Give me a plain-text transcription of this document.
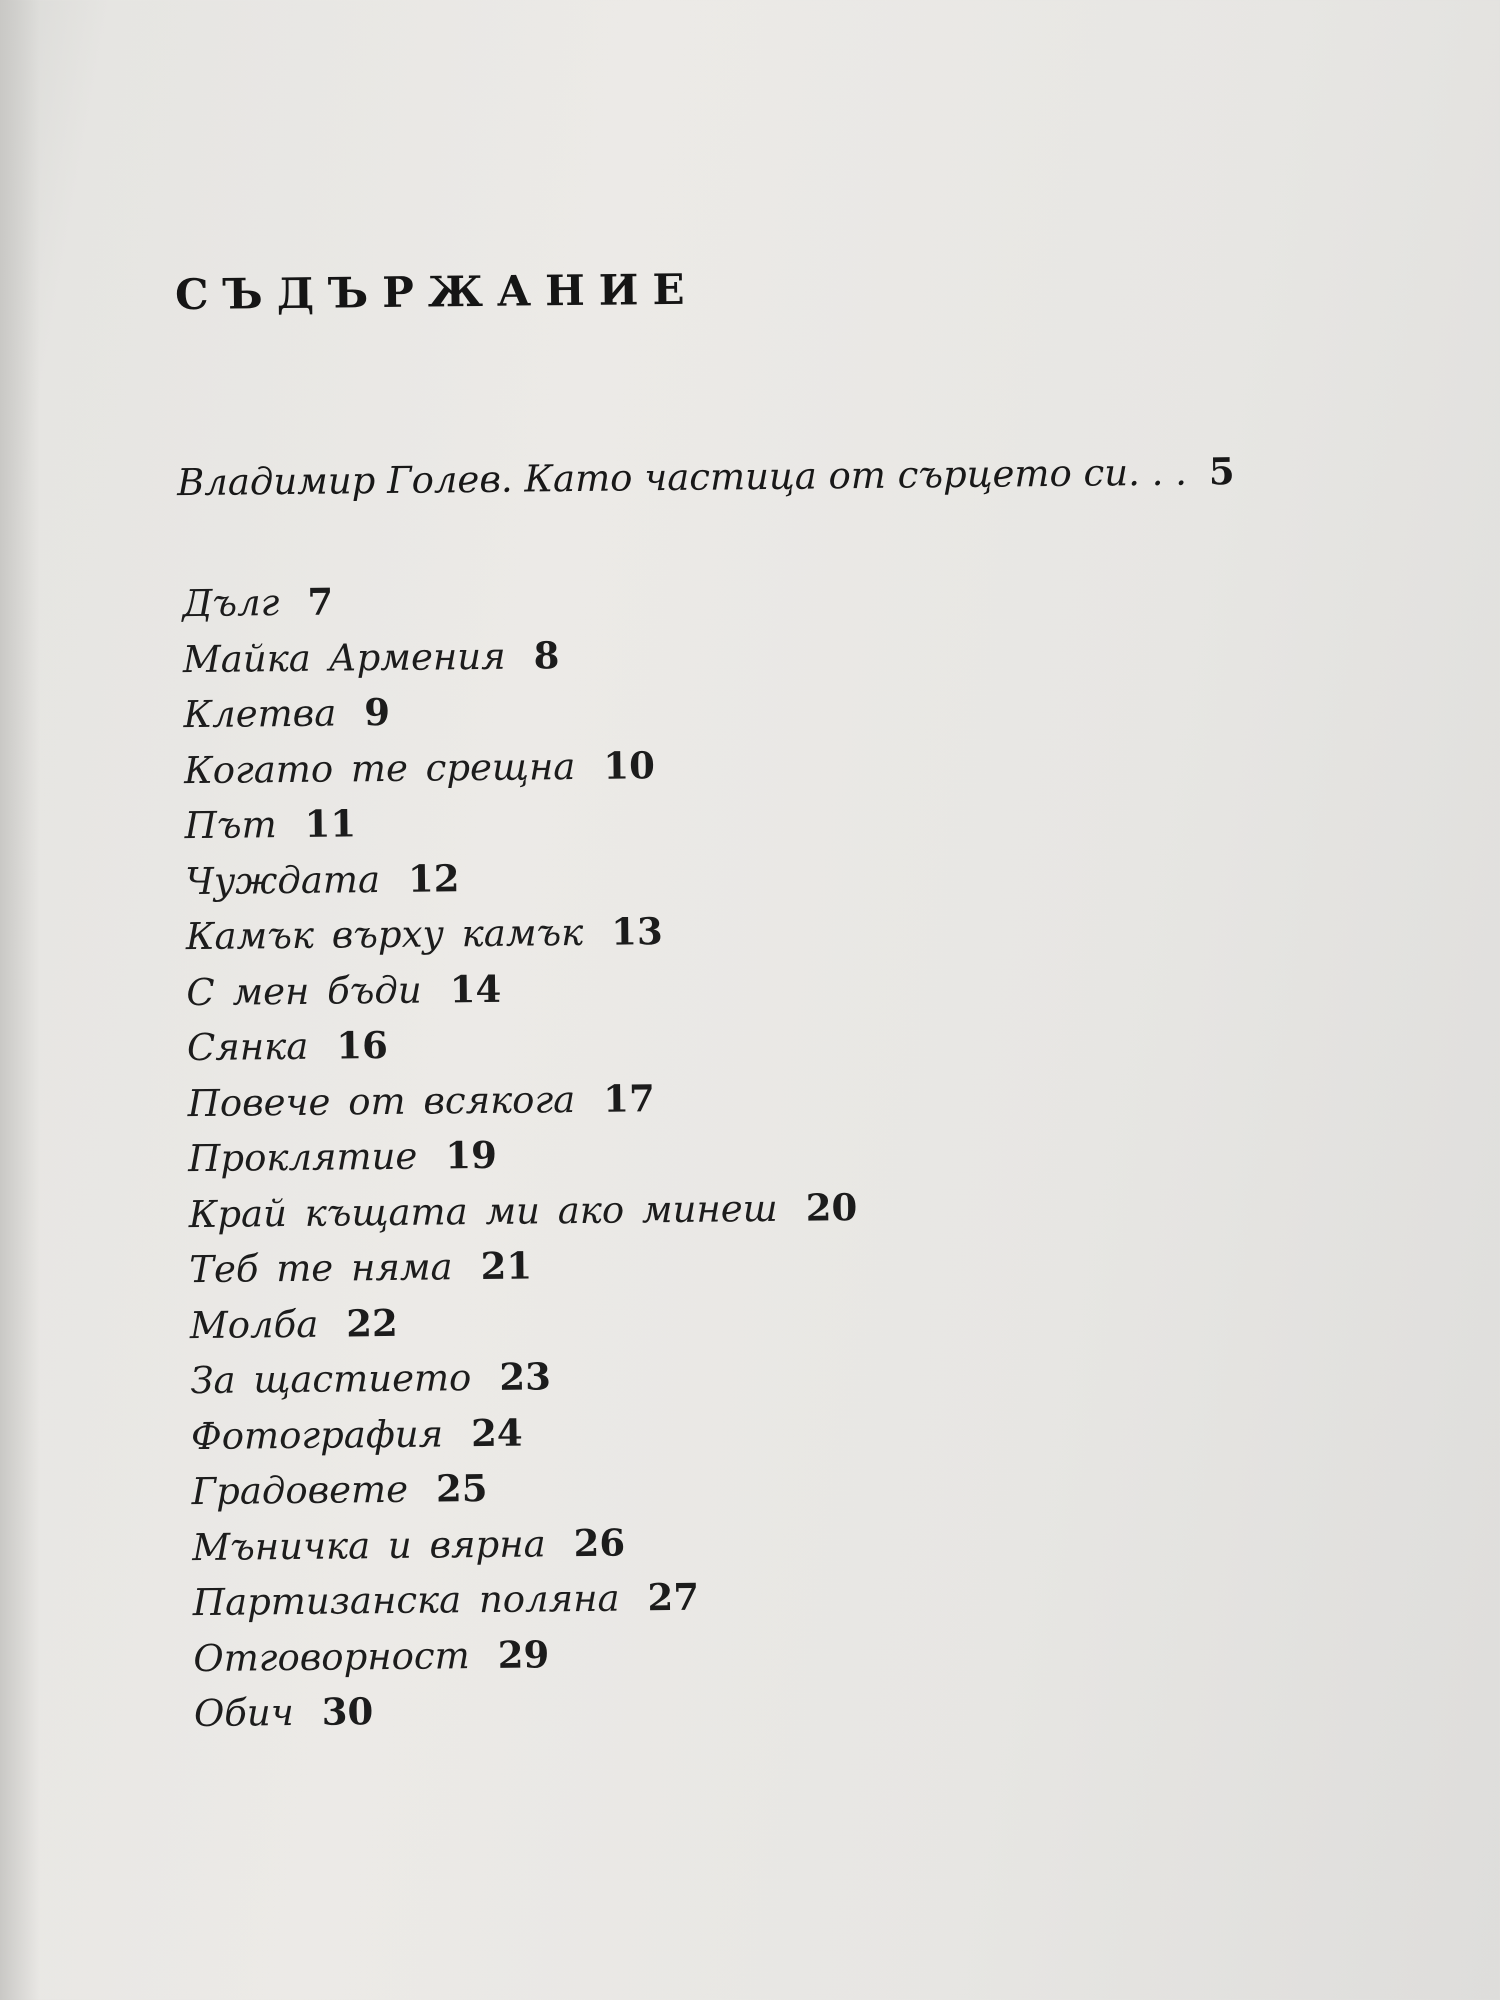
СЪДЪРЖАНИЕ
Владимир Голев. Като частица от сърцето си. . . 5
Дълг 7
Майка Армения 8
Клетва 9
Когато те срещна 10
Път 11
Чуждата 12
Камък върху камък 13
С мен бъди 14
Сянка 16
Повече от всякога 17
Проклятие 19
Край къщата ми ако минеш 20
Теб те няма 21
Молба 22
За щастието 23
Фотография 24
Градовете 25
Мъничка и вярна 26
Партизанска поляна 27
Отговорност 29
Обич 30
